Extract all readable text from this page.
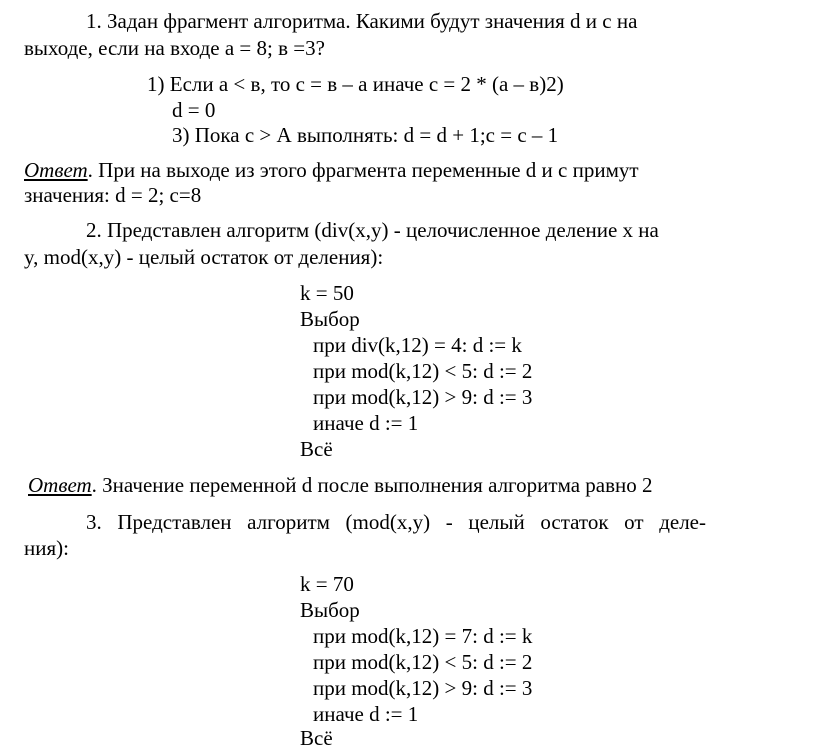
1. Задан фрагмент алгоритма. Какими будут значения d и c на
выходе, если на входе a = 8; в =3?
1) Если a < в, то c = в – a иначе c = 2 * (a – в)2)
d = 0
3) Пока c > А выполнять: d = d + 1;c = c – 1
Ответ. При на выходе из этого фрагмента переменные d и c примут
значения: d = 2; c=8
2. Представлен алгоритм (div(x,y) - целочисленное деление x на
y, mod(x,y) - целый остаток от деления):
k = 50
Выбор
при div(k,12) = 4: d := k
при mod(k,12) < 5: d := 2
при mod(k,12) > 9: d := 3
иначе d := 1
Всё
Ответ. Значение переменной d после выполнения алгоритма равно 2
3. Представлен алгоритм (mod(x,y) - целый остаток от деле-
ния):
k = 70
Выбор
при mod(k,12) = 7: d := k
при mod(k,12) < 5: d := 2
при mod(k,12) > 9: d := 3
иначе d := 1
Всё
